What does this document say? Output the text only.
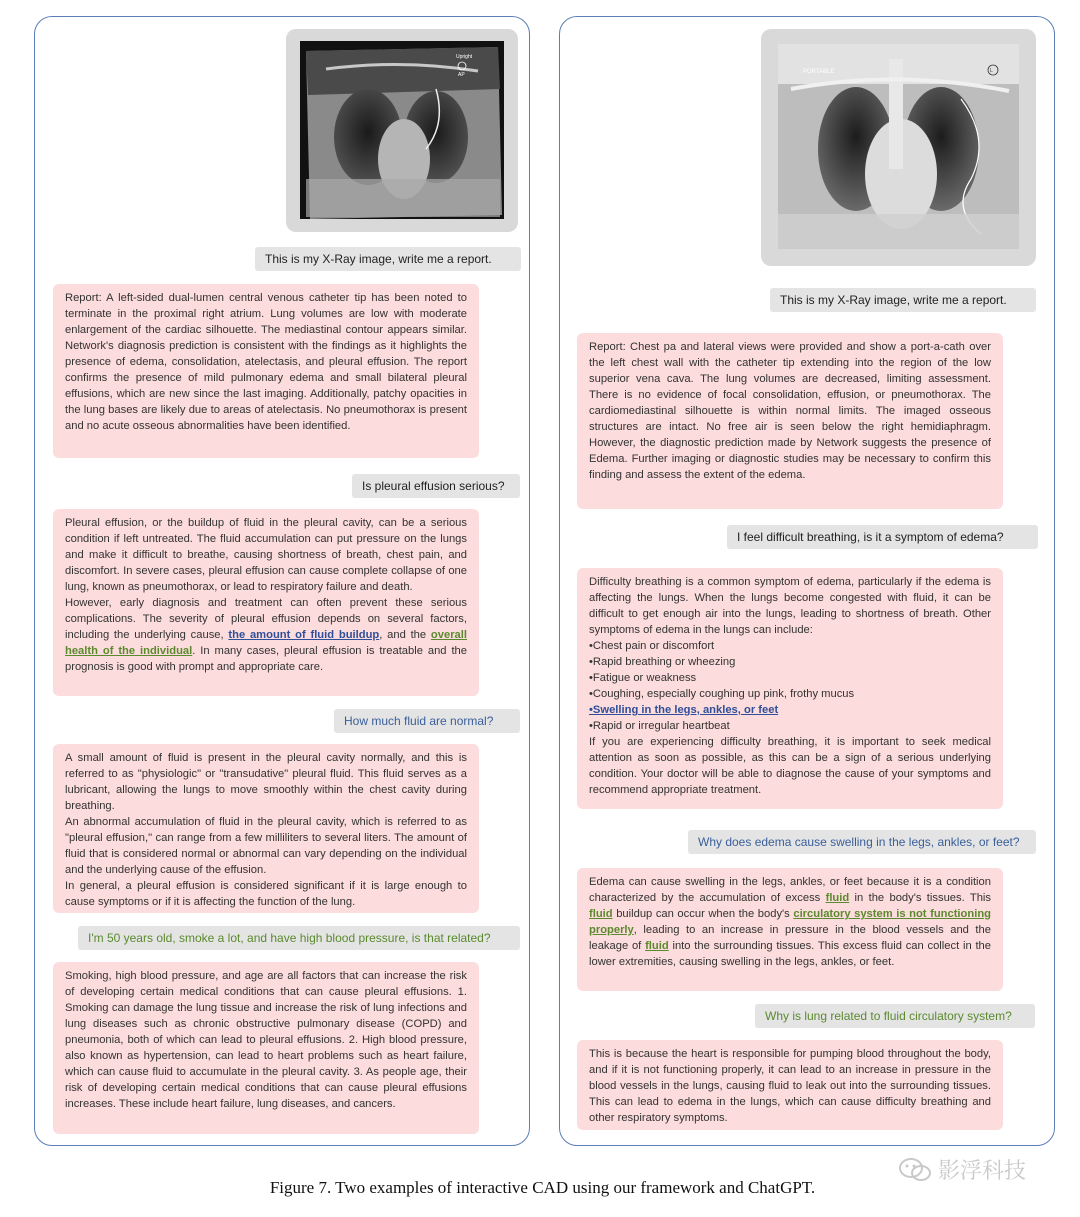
Upright
AP
This is my X-Ray image, write me a report.

Report: A left-sided dual-lumen central venous catheter tip has been noted to terminate in the proximal right atrium. Lung volumes are low with moderate enlargement of the cardiac silhouette. The mediastinal contour appears similar. Network's diagnosis prediction is consistent with the findings as it highlights the presence of edema, consolidation, atelectasis, and pleural effusion. The report confirms the presence of mild pulmonary edema and small bilateral pleural effusions, which are new since the last imaging. Additionally, patchy opacities in the lung bases are likely due to areas of atelectasis. No pneumothorax is present and no acute osseous abnormalities have been identified.

Is pleural effusion serious?

Pleural effusion, or the buildup of fluid in the pleural cavity, can be a serious condition if left untreated. The fluid accumulation can put pressure on the lungs and make it difficult to breathe, causing shortness of breath, chest pain, and discomfort. In severe cases, pleural effusion can cause complete collapse of one lung, known as pneumothorax, or lead to respiratory failure and death.

However, early diagnosis and treatment can often prevent these serious complications. The severity of pleural effusion depends on several factors, including the underlying cause, the amount of fluid buildup, and the overall health of the individual. In many cases, pleural effusion is treatable and the prognosis is good with prompt and appropriate care.

How much fluid are normal?

A small amount of fluid is present in the pleural cavity normally, and this is referred to as "physiologic" or "transudative" pleural fluid. This fluid serves as a lubricant, allowing the lungs to move smoothly within the chest cavity during breathing.

An abnormal accumulation of fluid in the pleural cavity, which is referred to as "pleural effusion," can range from a few milliliters to several liters. The amount of fluid that is considered normal or abnormal can vary depending on the individual and the underlying cause of the effusion.

In general, a pleural effusion is considered significant if it is large enough to cause symptoms or if it is affecting the function of the lung.

I'm 50 years old, smoke a lot, and have high blood pressure, is that related?

Smoking, high blood pressure, and age are all factors that can increase the risk of developing certain medical conditions that can cause pleural effusions. 1. Smoking can damage the lung tissue and increase the risk of lung infections and lung diseases such as chronic obstructive pulmonary disease (COPD) and pneumonia, both of which can lead to pleural effusions. 2. High blood pressure, also known as hypertension, can lead to heart problems such as heart failure, which can cause fluid to accumulate in the pleural cavity. 3. As people age, their risk of developing certain medical conditions that can cause pleural effusions increases. These include heart failure, lung diseases, and cancers.

PORTABLE	L
This is my X-Ray image, write me a report.

Report: Chest pa and lateral views were provided and show a port-a-cath over the left chest wall with the catheter tip extending into the region of the low superior vena cava. The lung volumes are decreased, limiting assessment. There is no evidence of focal consolidation, effusion, or pneumothorax. The cardiomediastinal silhouette is within normal limits. The imaged osseous structures are intact. No free air is seen below the right hemidiaphragm. However, the diagnostic prediction made by Network suggests the presence of Edema. Further imaging or diagnostic studies may be necessary to confirm this finding and assess the extent of the edema.

I feel difficult breathing, is it a symptom of edema?

Difficulty breathing is a common symptom of edema, particularly if the edema is affecting the lungs. When the lungs become congested with fluid, it can be difficult to get enough air into the lungs, leading to shortness of breath. Other symptoms of edema in the lungs can include:

•Chest pain or discomfort

•Rapid breathing or wheezing

•Fatigue or weakness

•Coughing, especially coughing up pink, frothy mucus

•Swelling in the legs, ankles, or feet

•Rapid or irregular heartbeat

If you are experiencing difficulty breathing, it is important to seek medical attention as soon as possible, as this can be a sign of a serious underlying condition. Your doctor will be able to diagnose the cause of your symptoms and recommend appropriate treatment.

Why does edema cause swelling in the legs, ankles, or feet?

Edema can cause swelling in the legs, ankles, or feet because it is a condition characterized by the accumulation of excess fluid in the body's tissues. This fluid buildup can occur when the body's circulatory system is not functioning properly, leading to an increase in pressure in the blood vessels and the leakage of fluid into the surrounding tissues. This excess fluid can collect in the lower extremities, causing swelling in the legs, ankles, or feet.

Why is lung related to fluid circulatory system?

This is because the heart is responsible for pumping blood throughout the body, and if it is not functioning properly, it can lead to an increase in pressure in the blood vessels in the lungs, causing fluid to leak out into the surrounding tissues. This can lead to edema in the lungs, which can cause difficulty breathing and other respiratory symptoms.

Figure 7. Two examples of interactive CAD using our framework and ChatGPT.
影浮科技
